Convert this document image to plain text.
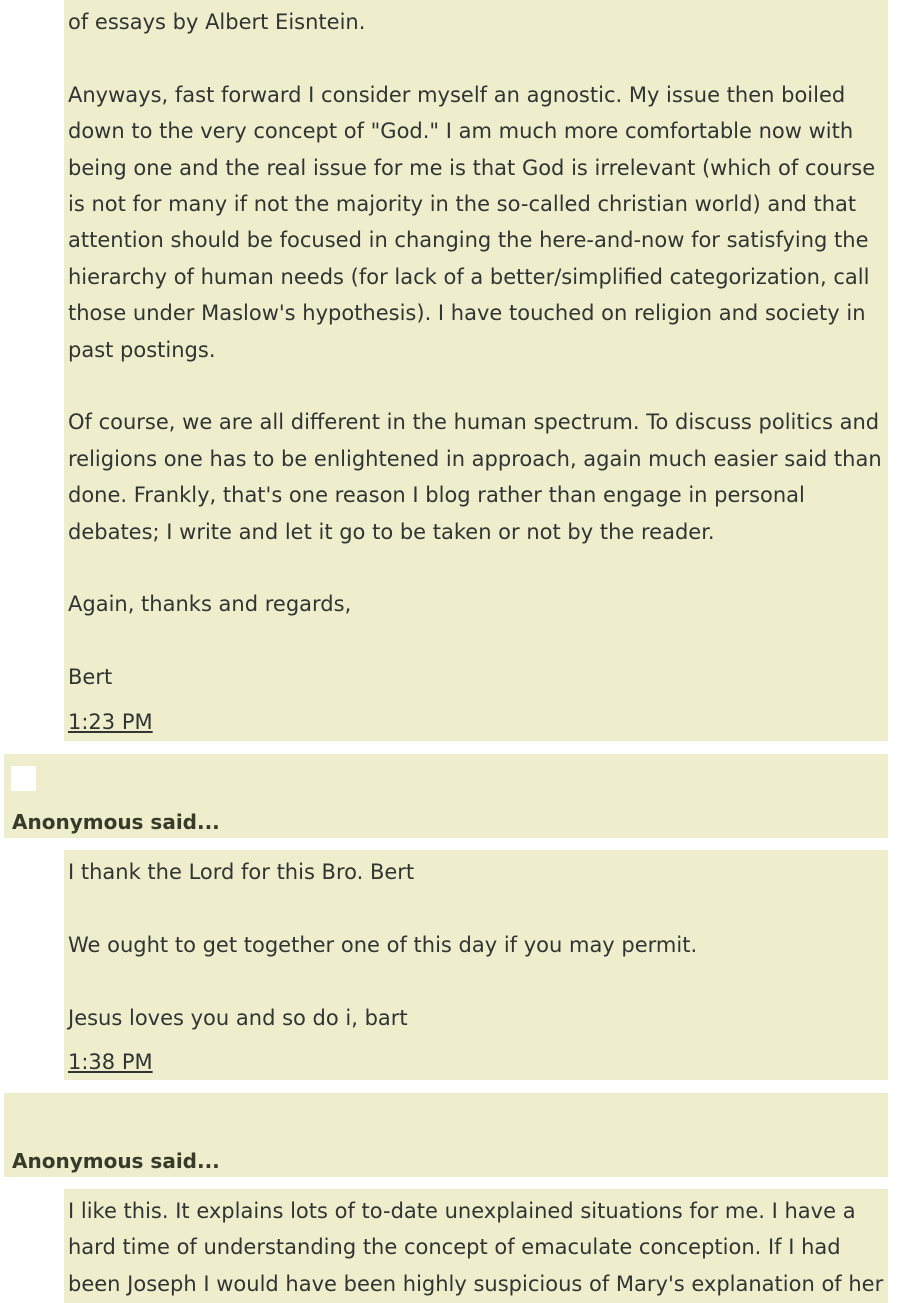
of essays by Albert Eisntein.

Anyways, fast forward I consider myself an agnostic. My issue then boiled down to the very concept of "God." I am much more comfortable now with being one and the real issue for me is that God is irrelevant (which of course is not for many if not the majority in the so-called christian world) and that attention should be focused in changing the here-and-now for satisfying the hierarchy of human needs (for lack of a better/simplified categorization, call those under Maslow's hypothesis). I have touched on religion and society in past postings.

Of course, we are all different in the human spectrum. To discuss politics and religions one has to be enlightened in approach, again much easier said than done. Frankly, that's one reason I blog rather than engage in personal debates; I write and let it go to be taken or not by the reader.

Again, thanks and regards,

Bert

1:23 PM
Anonymous said...

I thank the Lord for this Bro. Bert

We ought to get together one of this day if you may permit.

Jesus loves you and so do i, bart

1:38 PM
Anonymous said...

I like this. It explains lots of to-date unexplained situations for me. I have a hard time of understanding the concept of emaculate conception. If I had been Joseph I would have been highly suspicious of Mary's explanation of her
